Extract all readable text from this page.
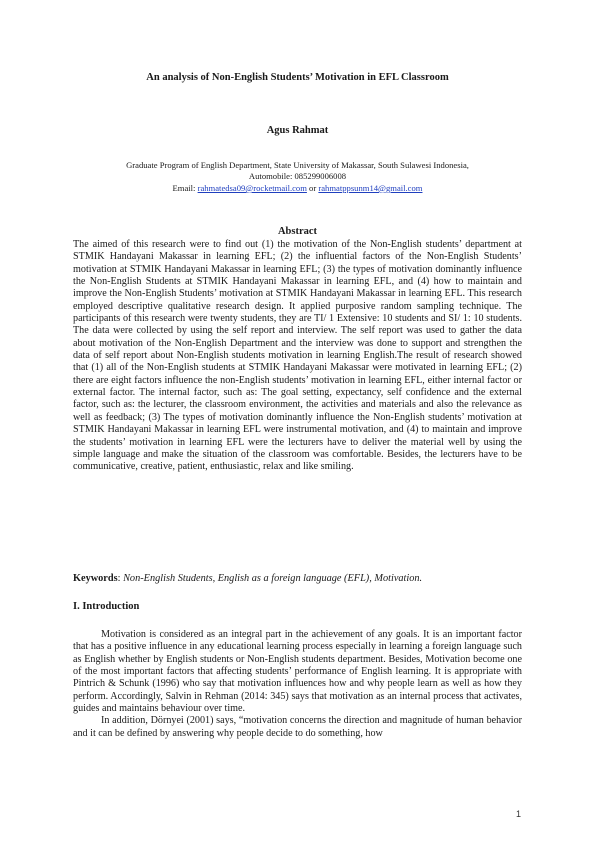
An analysis of Non-English Students’ Motivation in EFL Classroom
Agus Rahmat
Graduate Program of English Department, State University of Makassar, South Sulawesi Indonesia,
Automobile: 085299006008
Email: rahmatedsa09@rocketmail.com or rahmatppsunm14@gmail.com
Abstract

The aimed of this research were to find out (1) the motivation of the Non-English students’ department at STMIK Handayani Makassar in learning EFL; (2) the influential factors of the Non-English Students’ motivation at STMIK Handayani Makassar in learning EFL; (3) the types of motivation dominantly influence the Non-English Students at STMIK Handayani Makassar in learning EFL, and (4) how to maintain and improve the Non-English Students’ motivation at STMIK Handayani Makassar in learning EFL. This research employed descriptive qualitative research design. It applied purposive random sampling technique. The participants of this research were twenty students, they are TI/ 1 Extensive: 10 students and SI/ 1: 10 students. The data were collected by using the self report and interview. The self report was used to gather the data about motivation of the Non-English Department and the interview was done to support and strengthen the data of self report about Non-English students motivation in learning English.The result of research showed that (1) all of the Non-English students at STMIK Handayani Makassar were motivated in learning EFL; (2) there are eight factors influence the non-English students’ motivation in learning EFL, either internal factor or external factor. The internal factor, such as: The goal setting, expectancy, self confidence and the external factor, such as: the lecturer, the classroom environment, the activities and materials and also the relevance as well as feedback; (3) The types of motivation dominantly influence the Non-English students’ motivation at STMIK Handayani Makassar in learning EFL were instrumental motivation, and (4) to maintain and improve the students’ motivation in learning EFL were the lecturers have to deliver the material well by using the simple language and make the situation of the classroom was comfortable. Besides, the lecturers have to be communicative, creative, patient, enthusiastic, relax and like smiling.

Keywords: Non-English Students, English as a foreign language (EFL), Motivation.

I. Introduction

Motivation is considered as an integral part in the achievement of any goals. It is an important factor that has a positive influence in any educational learning process especially in learning a foreign language such as English whether by English students or Non-English students department. Besides, Motivation become one of the most important factors that affecting students’ performance of English learning. It is appropriate with Pintrich & Schunk (1996) who say that motivation influences how and why people learn as well as how they perform. Accordingly, Salvin in Rehman (2014: 345) says that motivation as an internal process that activates, guides and maintains behaviour over time.

In addition, Dörnyei (2001) says, “motivation concerns the direction and magnitude of human behavior and it can be defined by answering why people decide to do something, how

1
